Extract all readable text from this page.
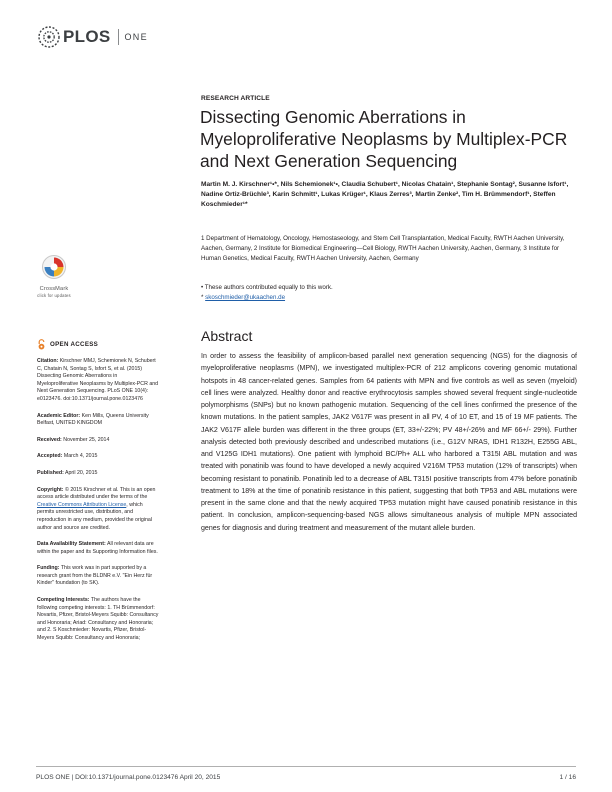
PLOS ONE
RESEARCH ARTICLE
Dissecting Genomic Aberrations in Myeloproliferative Neoplasms by Multiplex-PCR and Next Generation Sequencing
Martin M. J. Kirschner¹•*, Nils Schemionek¹•, Claudia Schubert¹, Nicolas Chatain¹, Stephanie Sontag², Susanne Isfort¹, Nadine Ortiz-Brüchle³, Karin Schmitt¹, Lukas Krüger¹, Klaus Zerres³, Martin Zenke², Tim H. Brümmendorf¹, Steffen Koschmieder¹*
1 Department of Hematology, Oncology, Hemostaseology, and Stem Cell Transplantation, Medical Faculty, RWTH Aachen University, Aachen, Germany, 2 Institute for Biomedical Engineering—Cell Biology, RWTH Aachen University, Aachen, Germany, 3 Institute for Human Genetics, Medical Faculty, RWTH Aachen University, Aachen, Germany
• These authors contributed equally to this work.
* skoschmieder@ukaachen.de
CrossMark
click for updates
Abstract
In order to assess the feasibility of amplicon-based parallel next generation sequencing (NGS) for the diagnosis of myeloproliferative neoplasms (MPN), we investigated multiplex-PCR of 212 amplicons covering genomic mutational hotspots in 48 cancer-related genes. Samples from 64 patients with MPN and five controls as well as seven (myeloid) cell lines were analyzed. Healthy donor and reactive erythrocytosis samples showed several frequent single-nucleotide polymorphisms (SNPs) but no known pathogenic mutation. Sequencing of the cell lines confirmed the presence of the known mutations. In the patient samples, JAK2 V617F was present in all PV, 4 of 10 ET, and 15 of 19 MF patients. The JAK2 V617F allele burden was different in the three groups (ET, 33+/-22%; PV 48+/-26% and MF 66+/- 29%). Further analysis detected both previously described and undescribed mutations (i.e., G12V NRAS, IDH1 R132H, E255G ABL, and V125G IDH1 mutations). One patient with lymphoid BC/Ph+ ALL who harbored a T315I ABL mutation and was treated with ponatinib was found to have developed a newly acquired V216M TP53 mutation (12% of transcripts) when becoming resistant to ponatinib. Ponatinib led to a decrease of ABL T315I positive transcripts from 47% before ponatinib treatment to 18% at the time of ponatinib resistance in this patient, suggesting that both TP53 and ABL mutations were present in the same clone and that the newly acquired TP53 mutation might have caused ponatinib resistance in this patient. In conclusion, amplicon-sequencing-based NGS allows simultaneous analysis of multiple MPN associated genes for diagnosis and during treatment and measurement of the mutant allele burden.
OPEN ACCESS
Citation: Kirschner MMJ, Schemionek N, Schubert C, Chatain N, Sontag S, Isfort S, et al. (2015) Dissecting Genomic Aberrations in Myeloproliferative Neoplasms by Multiplex-PCR and Next Generation Sequencing. PLoS ONE 10(4): e0123476. doi:10.1371/journal.pone.0123476
Academic Editor: Ken Mills, Queens University Belfast, UNITED KINGDOM
Received: November 25, 2014
Accepted: March 4, 2015
Published: April 20, 2015
Copyright: © 2015 Kirschner et al. This is an open access article distributed under the terms of the Creative Commons Attribution License, which permits unrestricted use, distribution, and reproduction in any medium, provided the original author and source are credited.
Data Availability Statement: All relevant data are within the paper and its Supporting Information files.
Funding: This work was in part supported by a research grant from the BLDNR e.V. "Ein Herz für Kinder" foundation (to SK).
Competing Interests: The authors have the following competing interests: 1. TH Brümmendorf: Novartis, Pfizer, Bristol-Meyers Squibb: Consultancy and Honoraria; Ariad: Consultancy and Honoraria; and 2. S Koschmieder: Novartis, Pfizer, Bristol-Meyers Squibb: Consultancy and Honoraria;
PLOS ONE | DOI:10.1371/journal.pone.0123476 April 20, 2015	1 / 16
